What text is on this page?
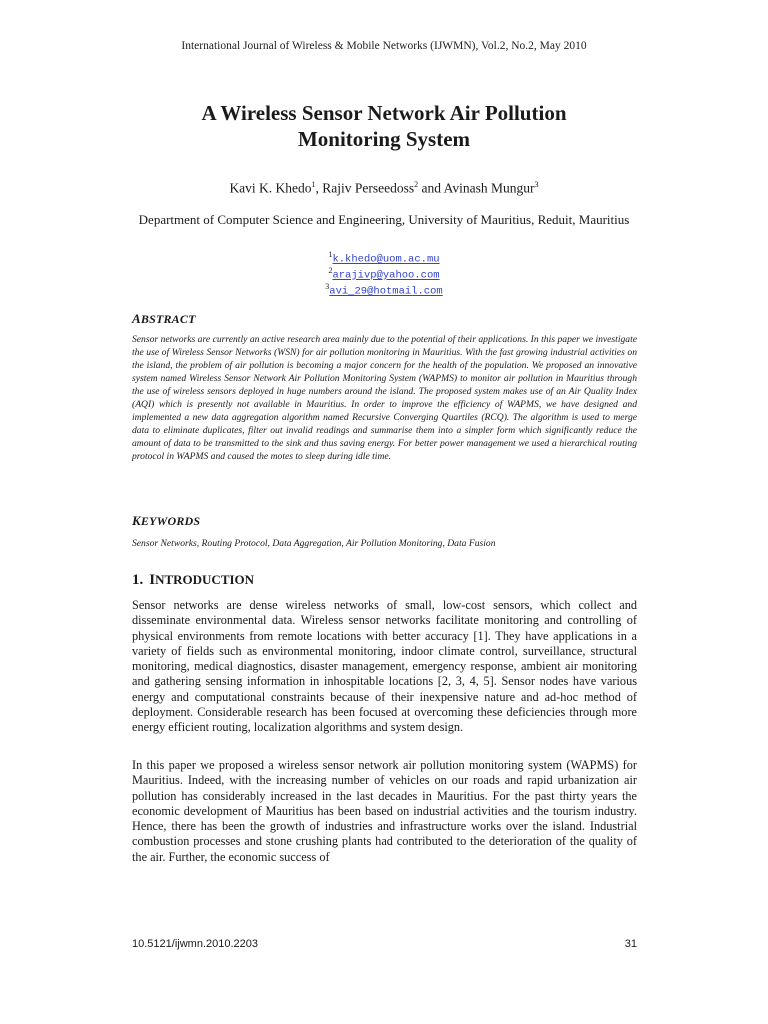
International Journal of Wireless & Mobile Networks (IJWMN), Vol.2, No.2, May 2010
A Wireless Sensor Network Air Pollution
Monitoring System
Kavi K. Khedo$^1$, Rajiv Perseedoss$^2$ and Avinash Mungur$^3$
Department of Computer Science and Engineering, University of Mauritius, Reduit, Mauritius
$^1$k.khedo@uom.ac.mu
$^2$arajivp@yahoo.com
$^3$avi_29@hotmail.com
ABSTRACT
Sensor networks are currently an active research area mainly due to the potential of their applications. In this paper we investigate the use of Wireless Sensor Networks (WSN) for air pollution monitoring in Mauritius. With the fast growing industrial activities on the island, the problem of air pollution is becoming a major concern for the health of the population. We proposed an innovative system named Wireless Sensor Network Air Pollution Monitoring System (WAPMS) to monitor air pollution in Mauritius through the use of wireless sensors deployed in huge numbers around the island. The proposed system makes use of an Air Quality Index (AQI) which is presently not available in Mauritius. In order to improve the efficiency of WAPMS, we have designed and implemented a new data aggregation algorithm named Recursive Converging Quartiles (RCQ). The algorithm is used to merge data to eliminate duplicates, filter out invalid readings and summarise them into a simpler form which significantly reduce the amount of data to be transmitted to the sink and thus saving energy. For better power management we used a hierarchical routing protocol in WAPMS and caused the motes to sleep during idle time.
KEYWORDS
Sensor Networks, Routing Protocol, Data Aggregation, Air Pollution Monitoring, Data Fusion
1. INTRODUCTION
Sensor networks are dense wireless networks of small, low-cost sensors, which collect and disseminate environmental data. Wireless sensor networks facilitate monitoring and controlling of physical environments from remote locations with better accuracy [1]. They have applications in a variety of fields such as environmental monitoring, indoor climate control, surveillance, structural monitoring, medical diagnostics, disaster management, emergency response, ambient air monitoring and gathering sensing information in inhospitable locations [2, 3, 4, 5]. Sensor nodes have various energy and computational constraints because of their inexpensive nature and ad-hoc method of deployment. Considerable research has been focused at overcoming these deficiencies through more energy efficient routing, localization algorithms and system design.
In this paper we proposed a wireless sensor network air pollution monitoring system (WAPMS) for Mauritius. Indeed, with the increasing number of vehicles on our roads and rapid urbanization air pollution has considerably increased in the last decades in Mauritius. For the past thirty years the economic development of Mauritius has been based on industrial activities and the tourism industry. Hence, there has been the growth of industries and infrastructure works over the island. Industrial combustion processes and stone crushing plants had contributed to the deterioration of the quality of the air. Further, the economic success of
10.5121/ijwmn.2010.2203	31
